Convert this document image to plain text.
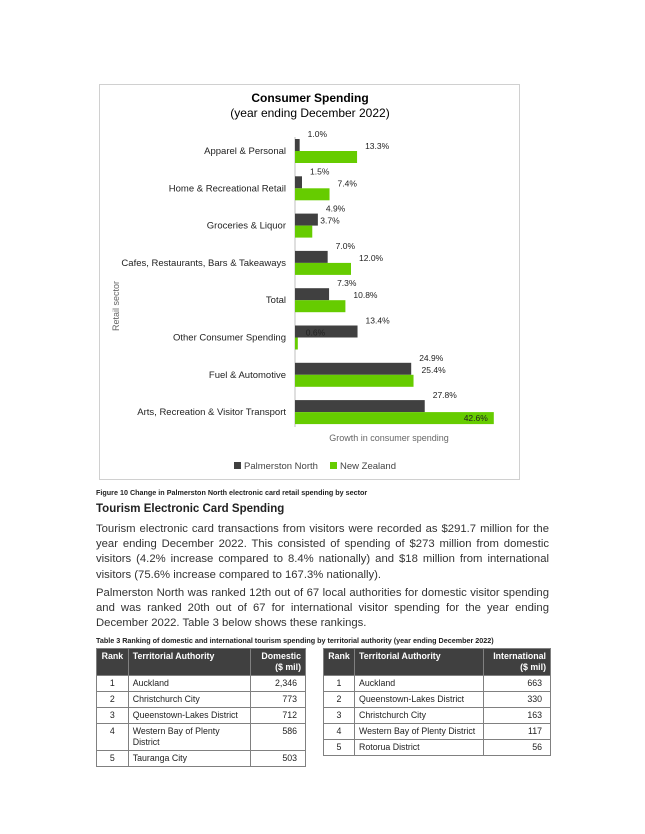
Consumer Spending
(year ending December 2022)
Retail sector
Apparel & Personal
1.0%
13.3%
Home & Recreational Retail
1.5%
7.4%
Groceries & Liquor
4.9%
3.7%
Cafes, Restaurants, Bars & Takeaways
7.0%
12.0%
Total
7.3%
10.8%
Other Consumer Spending
13.4%
0.6%
Fuel & Automotive
24.9%
25.4%
Arts, Recreation & Visitor Transport
27.8%
42.6%
Growth in consumer spending
Palmerston North New Zealand
Figure 10 Change in Palmerston North electronic card retail spending by sector
Tourism Electronic Card Spending
Tourism electronic card transactions from visitors were recorded as $291.7 million for the year ending December 2022. This consisted of spending of $273 million from domestic visitors (4.2% increase compared to 8.4% nationally) and $18 million from international visitors (75.6% increase compared to 167.3% nationally).
Palmerston North was ranked 12th out of 67 local authorities for domestic visitor spending and was ranked 20th out of 67 for international visitor spending for the year ending December 2022. Table 3 below shows these rankings.
Table 3 Ranking of domestic and international tourism spending by territorial authority (year ending December 2022)
Rank	Territorial Authority	Domestic ($ mil)
1	Auckland	2,346
2	Christchurch City	773
3	Queenstown-Lakes District	712
4	Western Bay of Plenty District	586
5	Tauranga City	503
Rank	Territorial Authority	International ($ mil)
1	Auckland	663
2	Queenstown-Lakes District	330
3	Christchurch City	163
4	Western Bay of Plenty District	117
5	Rotorua District	56
